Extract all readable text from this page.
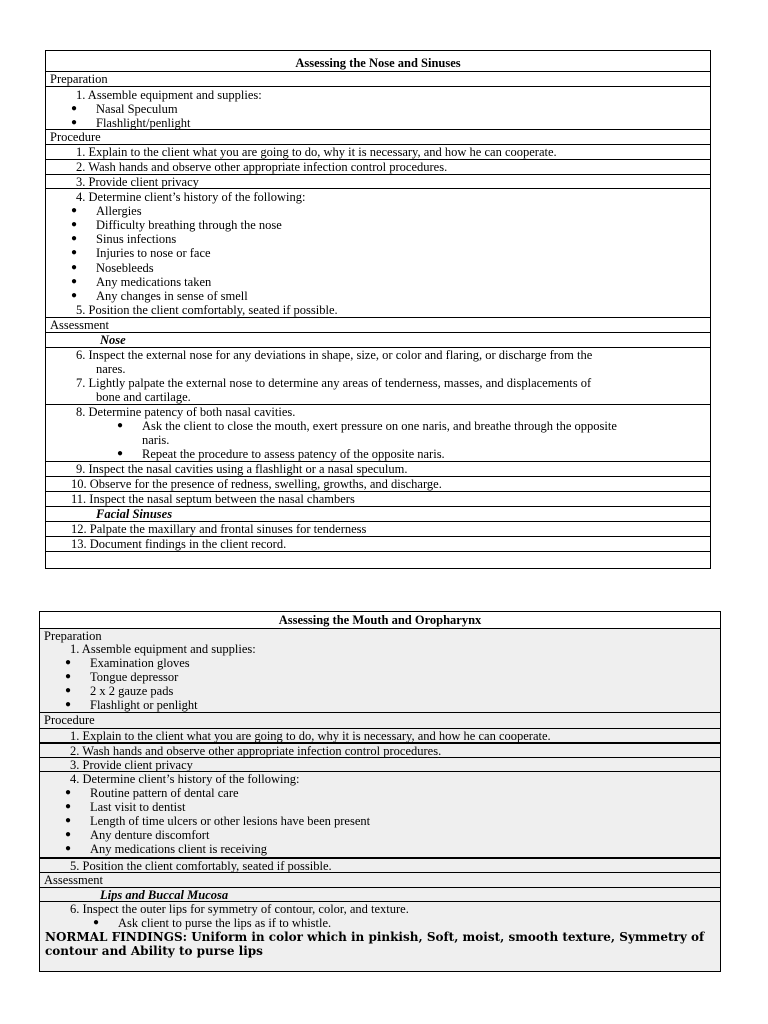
Assessing the Nose and Sinuses
Preparation
1. Assemble equipment and supplies:
● Nasal Speculum
● Flashlight/penlight
Procedure
1. Explain to the client what you are going to do, why it is necessary, and how he can cooperate.
2. Wash hands and observe other appropriate infection control procedures.
3. Provide client privacy
4. Determine client’s history of the following:
● Allergies
● Difficulty breathing through the nose
● Sinus infections
● Injuries to nose or face
● Nosebleeds
● Any medications taken
● Any changes in sense of smell
5. Position the client comfortably, seated if possible.
Assessment
Nose
6. Inspect the external nose for any deviations in shape, size, or color and flaring, or discharge from the
nares.
7. Lightly palpate the external nose to determine any areas of tenderness, masses, and displacements of
bone and cartilage.
8. Determine patency of both nasal cavities.
● Ask the client to close the mouth, exert pressure on one naris, and breathe through the opposite
naris.
● Repeat the procedure to assess patency of the opposite naris.
9. Inspect the nasal cavities using a flashlight or a nasal speculum.
10. Observe for the presence of redness, swelling, growths, and discharge.
11. Inspect the nasal septum between the nasal chambers
Facial Sinuses
12. Palpate the maxillary and frontal sinuses for tenderness
13. Document findings in the client record.
Assessing the Mouth and Oropharynx
Preparation
1. Assemble equipment and supplies:
● Examination gloves
● Tongue depressor
● 2 x 2 gauze pads
● Flashlight or penlight
Procedure
1. Explain to the client what you are going to do, why it is necessary, and how he can cooperate.
2. Wash hands and observe other appropriate infection control procedures.
3. Provide client privacy
4. Determine client’s history of the following:
● Routine pattern of dental care
● Last visit to dentist
● Length of time ulcers or other lesions have been present
● Any denture discomfort
● Any medications client is receiving
5. Position the client comfortably, seated if possible.
Assessment
Lips and Buccal Mucosa
6. Inspect the outer lips for symmetry of contour, color, and texture.
● Ask client to purse the lips as if to whistle.
NORMAL FINDINGS: Uniform in color which in pinkish, Soft, moist, smooth texture, Symmetry of
contour and Ability to purse lips
